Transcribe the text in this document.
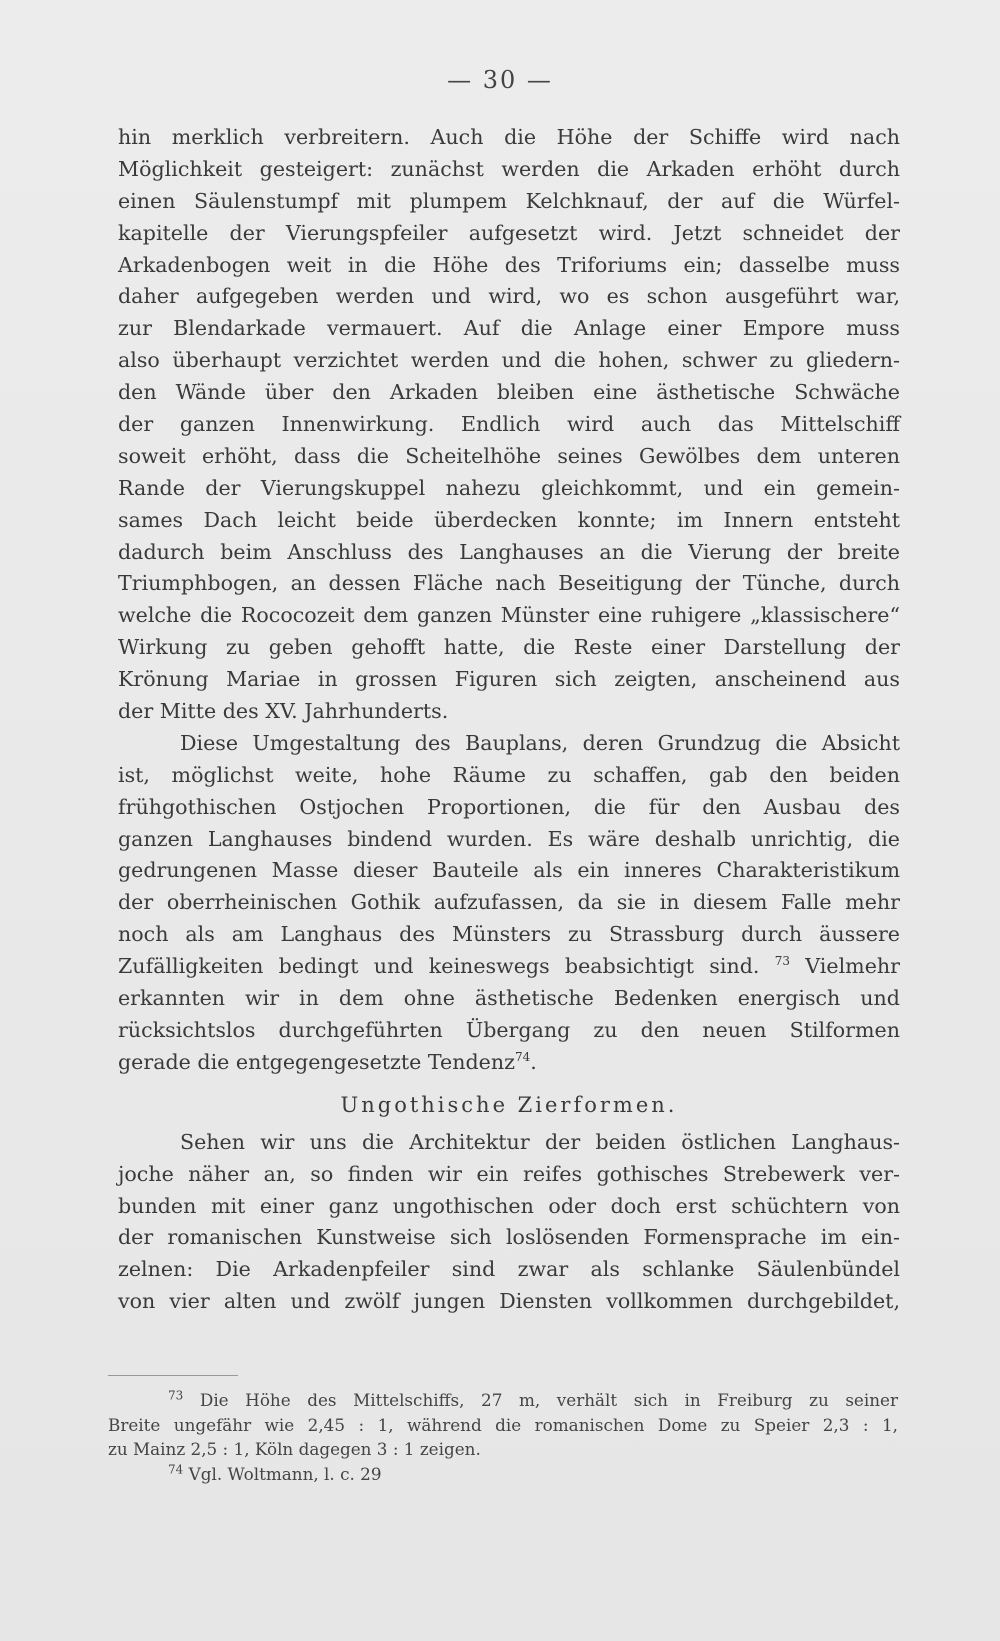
— 30 —
hin merklich verbreitern. Auch die Höhe der Schiffe wird nach
Möglichkeit gesteigert: zunächst werden die Arkaden erhöht durch
einen Säulenstumpf mit plumpem Kelchknauf, der auf die Würfel-
kapitelle der Vierungspfeiler aufgesetzt wird. Jetzt schneidet der
Arkadenbogen weit in die Höhe des Triforiums ein; dasselbe muss
daher aufgegeben werden und wird, wo es schon ausgeführt war,
zur Blendarkade vermauert. Auf die Anlage einer Empore muss
also überhaupt verzichtet werden und die hohen, schwer zu gliedern-
den Wände über den Arkaden bleiben eine ästhetische Schwäche
der ganzen Innenwirkung. Endlich wird auch das Mittelschiff
soweit erhöht, dass die Scheitelhöhe seines Gewölbes dem unteren
Rande der Vierungskuppel nahezu gleichkommt, und ein gemein-
sames Dach leicht beide überdecken konnte; im Innern entsteht
dadurch beim Anschluss des Langhauses an die Vierung der breite
Triumphbogen, an dessen Fläche nach Beseitigung der Tünche, durch
welche die Rococozeit dem ganzen Münster eine ruhigere „klassischere“
Wirkung zu geben gehofft hatte, die Reste einer Darstellung der
Krönung Mariae in grossen Figuren sich zeigten, anscheinend aus
der Mitte des XV. Jahrhunderts.
Diese Umgestaltung des Bauplans, deren Grundzug die Absicht
ist, möglichst weite, hohe Räume zu schaffen, gab den beiden
frühgothischen Ostjochen Proportionen, die für den Ausbau des
ganzen Langhauses bindend wurden. Es wäre deshalb unrichtig, die
gedrungenen Masse dieser Bauteile als ein inneres Charakteristikum
der oberrheinischen Gothik aufzufassen, da sie in diesem Falle mehr
noch als am Langhaus des Münsters zu Strassburg durch äussere
Zufälligkeiten bedingt und keineswegs beabsichtigt sind. $^{73}$ Vielmehr
erkannten wir in dem ohne ästhetische Bedenken energisch und
rücksichtslos durchgeführten Übergang zu den neuen Stilformen
gerade die entgegengesetzte Tendenz$^{74}$.
Ungothische Zierformen.
Sehen wir uns die Architektur der beiden östlichen Langhaus-
joche näher an, so finden wir ein reifes gothisches Strebewerk ver-
bunden mit einer ganz ungothischen oder doch erst schüchtern von
der romanischen Kunstweise sich loslösenden Formensprache im ein-
zelnen: Die Arkadenpfeiler sind zwar als schlanke Säulenbündel
von vier alten und zwölf jungen Diensten vollkommen durchgebildet,
$^{73}$ Die Höhe des Mittelschiffs, 27 m, verhält sich in Freiburg zu seiner
Breite ungefähr wie 2,45 : 1, während die romanischen Dome zu Speier 2,3 : 1,
zu Mainz 2,5 : 1, Köln dagegen 3 : 1 zeigen.
$^{74}$ Vgl. Woltmann, l. c. 29
